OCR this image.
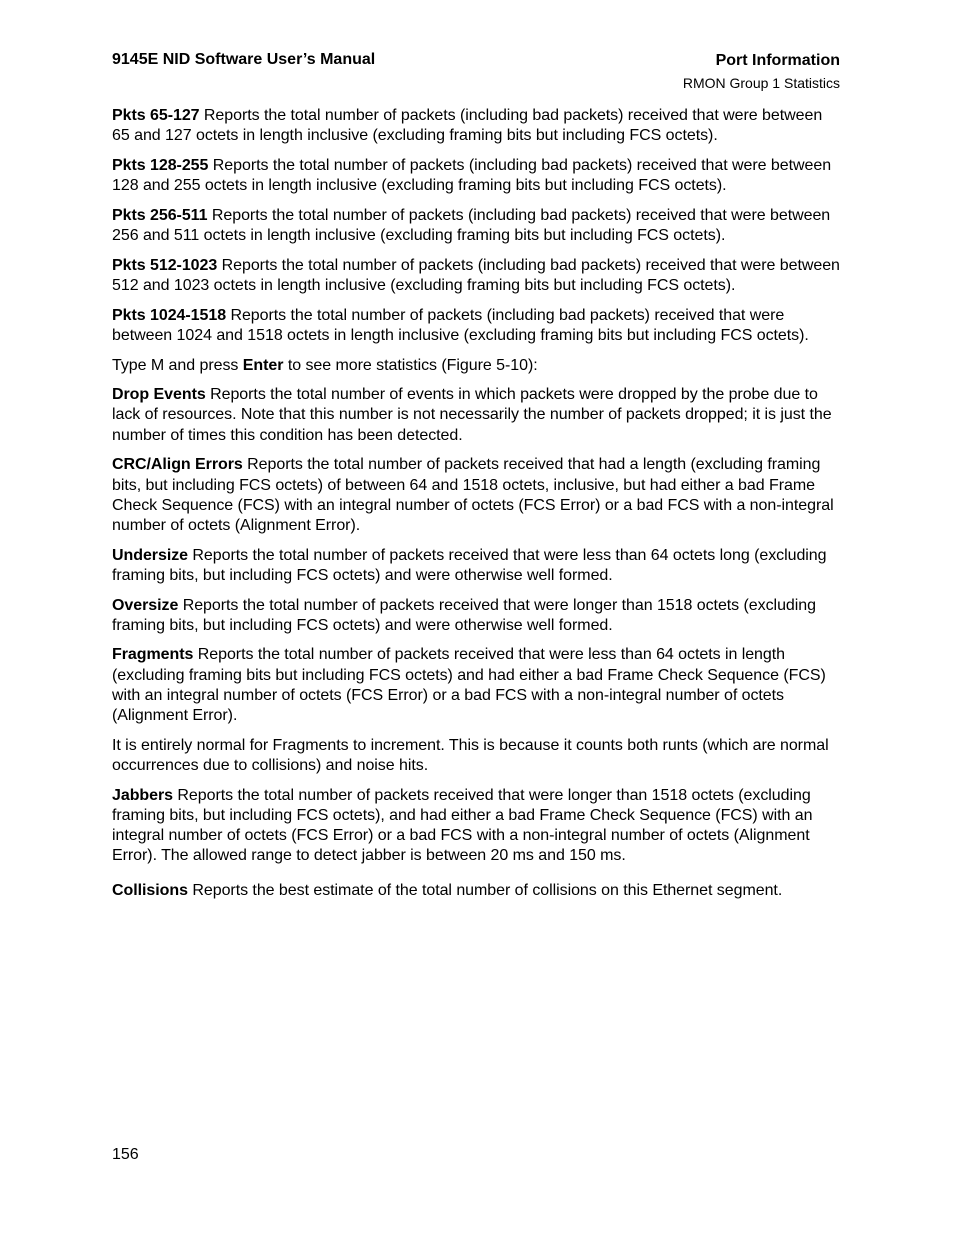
9145E NID Software User’s Manual	Port Information
RMON Group 1 Statistics

Pkts 65-127 Reports the total number of packets (including bad packets) received that were between 65 and 127 octets in length inclusive (excluding framing bits but including FCS octets).

Pkts 128-255 Reports the total number of packets (including bad packets) received that were between 128 and 255 octets in length inclusive (excluding framing bits but including FCS octets).

Pkts 256-511 Reports the total number of packets (including bad packets) received that were between 256 and 511 octets in length inclusive (excluding framing bits but including FCS octets).

Pkts 512-1023 Reports the total number of packets (including bad packets) received that were between 512 and 1023 octets in length inclusive (excluding framing bits but including FCS octets).

Pkts 1024-1518 Reports the total number of packets (including bad packets) received that were between 1024 and 1518 octets in length inclusive (excluding framing bits but including FCS octets).

Type M and press Enter to see more statistics (Figure 5-10):

Drop Events Reports the total number of events in which packets were dropped by the probe due to lack of resources. Note that this number is not necessarily the number of packets dropped; it is just the number of times this condition has been detected.

CRC/Align Errors Reports the total number of packets received that had a length (excluding framing bits, but including FCS octets) of between 64 and 1518 octets, inclusive, but had either a bad Frame Check Sequence (FCS) with an integral number of octets (FCS Error) or a bad FCS with a non-integral number of octets (Alignment Error).

Undersize Reports the total number of packets received that were less than 64 octets long (excluding framing bits, but including FCS octets) and were otherwise well formed.

Oversize Reports the total number of packets received that were longer than 1518 octets (excluding framing bits, but including FCS octets) and were otherwise well formed.

Fragments Reports the total number of packets received that were less than 64 octets in length (excluding framing bits but including FCS octets) and had either a bad Frame Check Sequence (FCS) with an integral number of octets (FCS Error) or a bad FCS with a non-integral number of octets (Alignment Error).

It is entirely normal for Fragments to increment. This is because it counts both runts (which are normal occurrences due to collisions) and noise hits.

Jabbers Reports the total number of packets received that were longer than 1518 octets (excluding framing bits, but including FCS octets), and had either a bad Frame Check Sequence (FCS) with an integral number of octets (FCS Error) or a bad FCS with a non-integral number of octets (Alignment Error). The allowed range to detect jabber is between 20 ms and 150 ms.

Collisions Reports the best estimate of the total number of collisions on this Ethernet segment.

156
